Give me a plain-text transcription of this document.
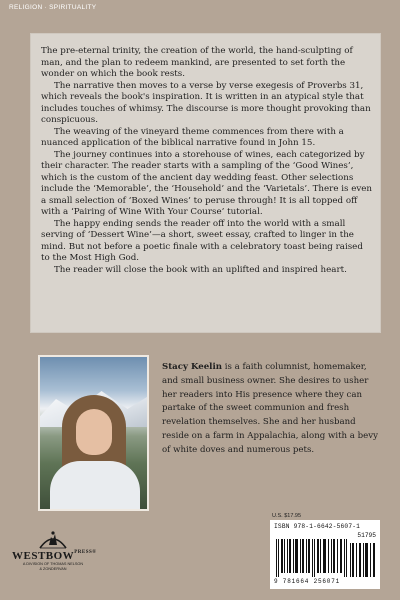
RELIGION · SPIRITUALITY

The pre-eternal trinity, the creation of the world, the hand-sculpting of man, and the plan to redeem mankind, are presented to set forth the wonder on which the book rests.

The narrative then moves to a verse by verse exegesis of Proverbs 31, which reveals the book's inspiration. It is written in an atypical style that includes touches of whimsy. The discourse is more thought provoking than conspicuous.

The weaving of the vineyard theme commences from there with a nuanced application of the biblical narrative found in John 15.

The journey continues into a storehouse of wines, each categorized by their character. The reader starts with a sampling of the ‘Good Wines’, which is the custom of the ancient day wedding feast. Other selections include the ‘Memorable’, the ‘Household’ and the ‘Varietals’. There is even a small selection of ‘Boxed Wines’ to peruse through! It is all topped off with a ‘Pairing of Wine With Your Course’ tutorial.

The happy ending sends the reader off into the world with a small serving of ‘Dessert Wine’—a short, sweet essay, crafted to linger in the mind. But not before a poetic finale with a celebratory toast being raised to the Most High God.

The reader will close the book with an uplifted and inspired heart.

Stacy Keelin is a faith columnist, homemaker, and small business owner. She desires to usher her readers into His presence where they can partake of the sweet communion and fresh revelation themselves. She and her husband reside on a farm in Appalachia, along with a bevy of white doves and numerous pets.
$WESTBOW^{PRESS®}$
A DIVISION OF THOMAS NELSON
& ZONDERVAN
U.S. $17.95
ISBN 978-1-6642-5607-1
51795
9 781664 256071
